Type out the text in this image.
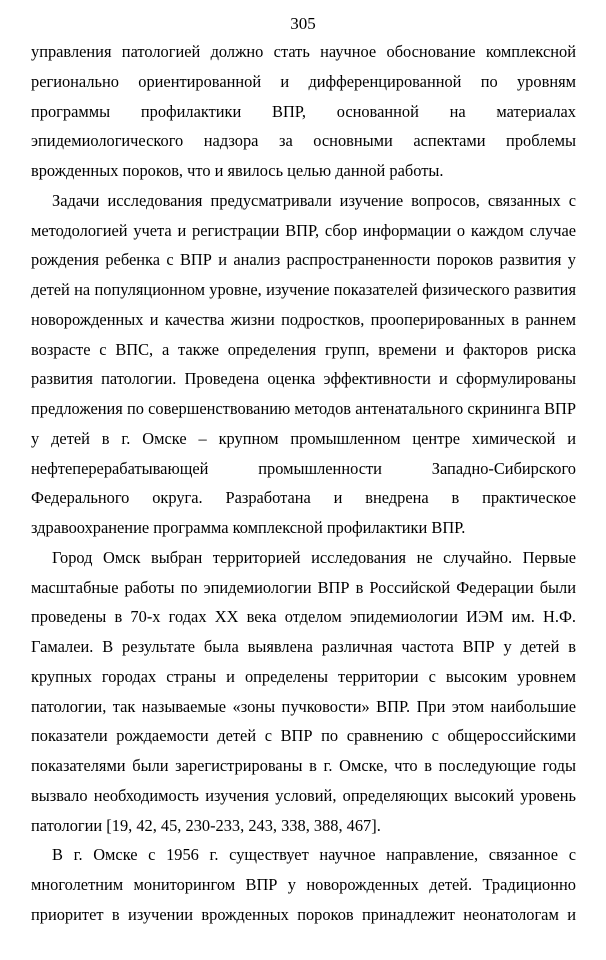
305

управления патологией должно стать научное обоснование комплексной регионально ориентированной и дифференцированной по уровням программы профилактики ВПР, основанной на материалах эпидемиологического надзора за основными аспектами проблемы врожденных пороков, что и явилось целью данной работы.

Задачи исследования предусматривали изучение вопросов, связанных с методологией учета и регистрации ВПР, сбор информации о каждом случае рождения ребенка с ВПР и анализ распространенности пороков развития у детей на популяционном уровне, изучение показателей физического развития новорожденных и качества жизни подростков, прооперированных в раннем возрасте с ВПС, а также определения групп, времени и факторов риска развития патологии. Проведена оценка эффективности и сформулированы предложения по совершенствованию методов антенатального скрининга ВПР у детей в г. Омске – крупном промышленном центре химической и нефтеперерабатывающей промышленности Западно-Сибирского Федерального округа. Разработана и внедрена в практическое здравоохранение программа комплексной профилактики ВПР.

Город Омск выбран территорией исследования не случайно. Первые масштабные работы по эпидемиологии ВПР в Российской Федерации были проведены в 70-х годах XX века отделом эпидемиологии ИЭМ им. Н.Ф. Гамалеи. В результате была выявлена различная частота ВПР у детей в крупных городах страны и определены территории с высоким уровнем патологии, так называемые «зоны пучковости» ВПР. При этом наибольшие показатели рождаемости детей с ВПР по сравнению с общероссийскими показателями были зарегистрированы в г. Омске, что в последующие годы вызвало необходимость изучения условий, определяющих высокий уровень патологии [19, 42, 45, 230-233, 243, 338, 388, 467].

В г. Омске с 1956 г. существует научное направление, связанное с многолетним мониторингом ВПР у новорожденных детей. Традиционно приоритет в изучении врожденных пороков принадлежит неонатологам и
